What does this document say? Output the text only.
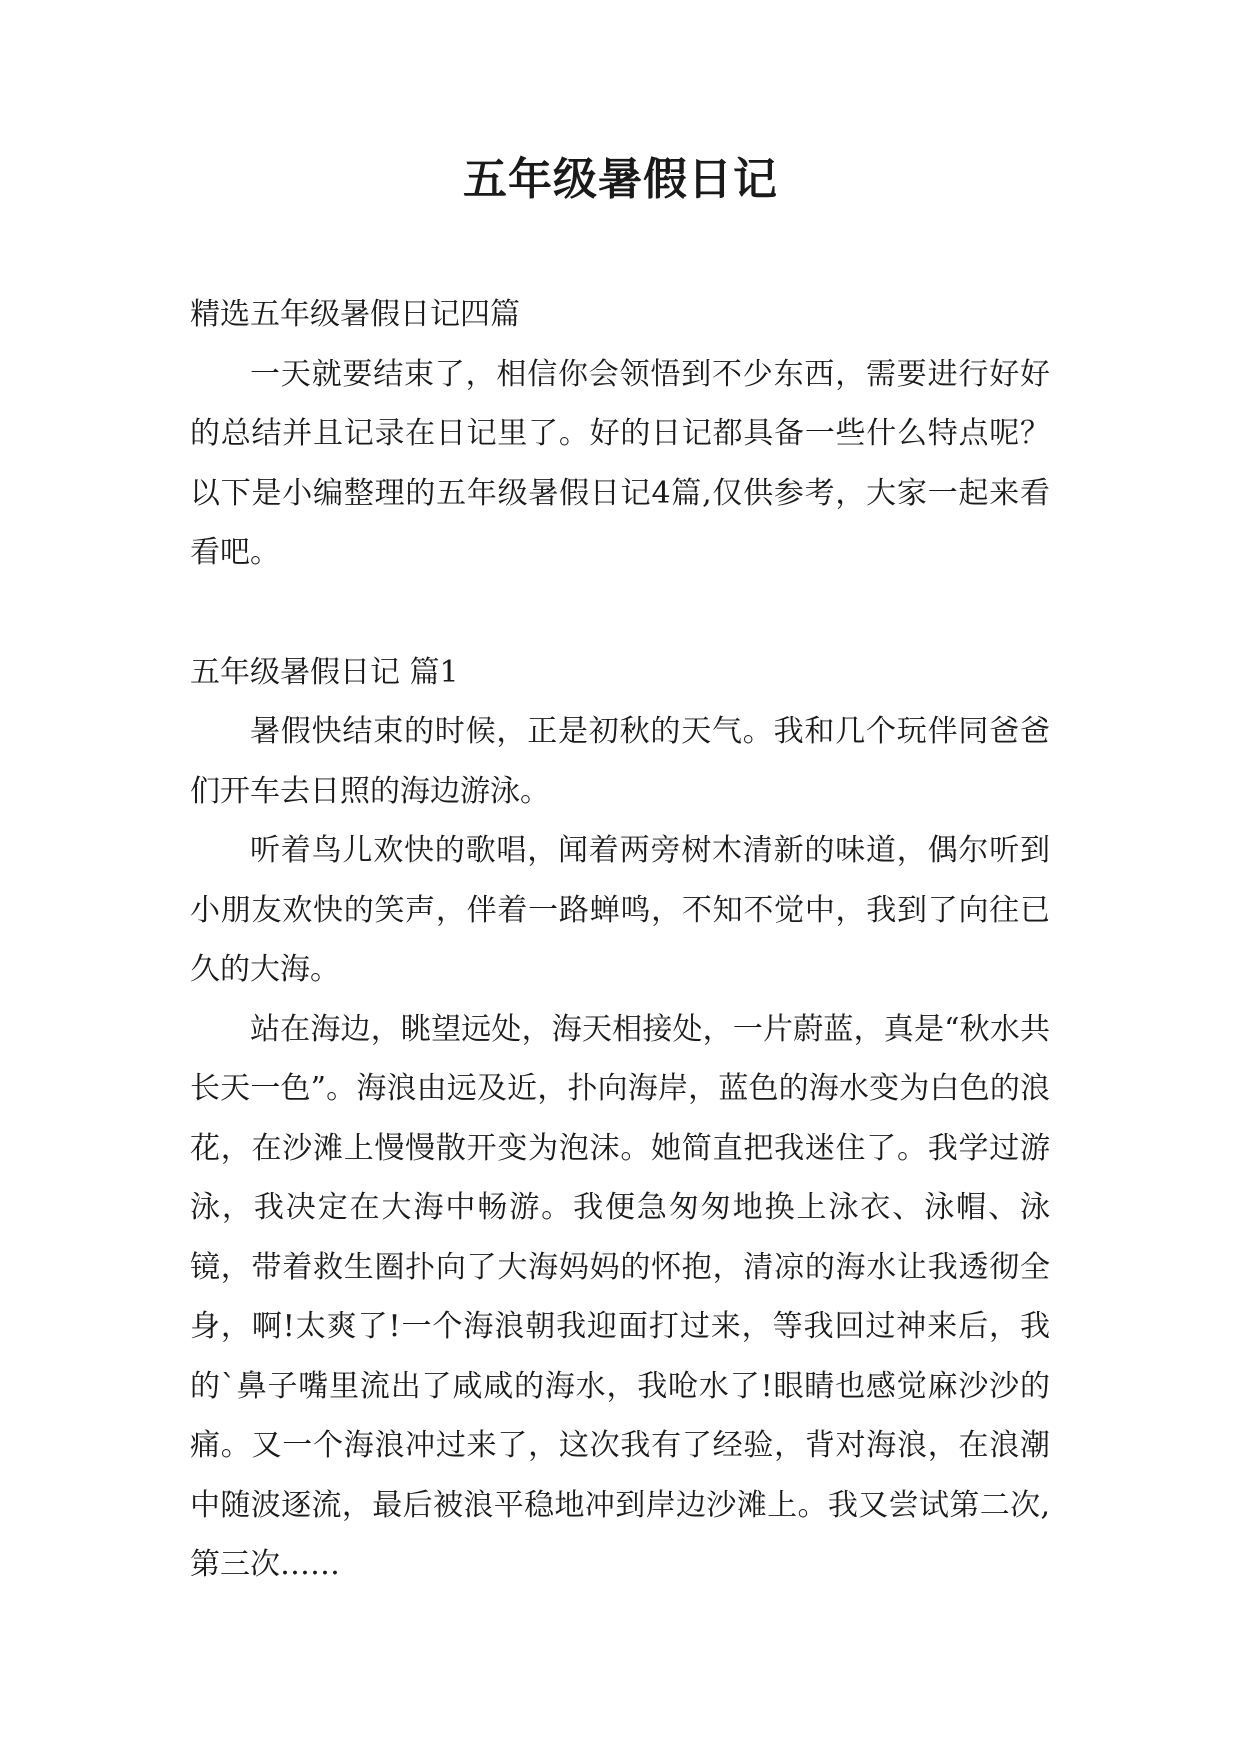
五年级暑假日记

精选五年级暑假日记四篇

一天就要结束了，相信你会领悟到不少东西，需要进行好好的总结并且记录在日记里了。好的日记都具备一些什么特点呢？以下是小编整理的五年级暑假日记4篇,仅供参考，大家一起来看看吧。

五年级暑假日记 篇1

暑假快结束的时候，正是初秋的天气。我和几个玩伴同爸爸们开车去日照的海边游泳。

听着鸟儿欢快的歌唱，闻着两旁树木清新的味道，偶尔听到小朋友欢快的笑声，伴着一路蝉鸣，不知不觉中，我到了向往已久的大海。

站在海边，眺望远处，海天相接处，一片蔚蓝，真是“秋水共长天一色”。海浪由远及近，扑向海岸，蓝色的海水变为白色的浪花，在沙滩上慢慢散开变为泡沫。她简直把我迷住了。我学过游泳，我决定在大海中畅游。我便急匆匆地换上泳衣、泳帽、泳镜，带着救生圈扑向了大海妈妈的怀抱，清凉的海水让我透彻全身，啊!太爽了!一个海浪朝我迎面打过来，等我回过神来后，我的`鼻子嘴里流出了咸咸的海水，我呛水了!眼睛也感觉麻沙沙的痛。又一个海浪冲过来了，这次我有了经验，背对海浪，在浪潮中随波逐流，最后被浪平稳地冲到岸边沙滩上。我又尝试第二次,第三次……
